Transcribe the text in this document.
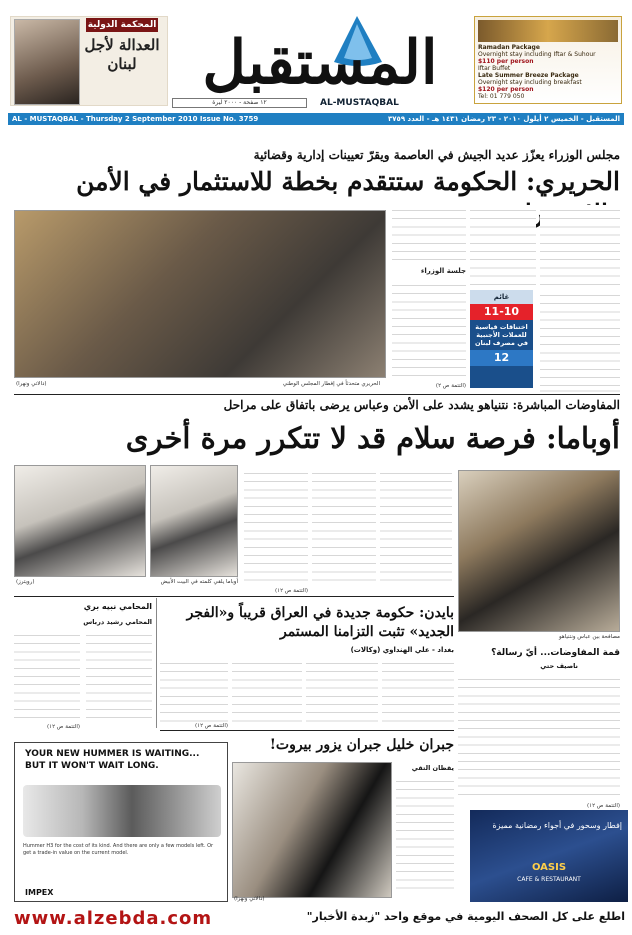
Ramadan Package

Overnight stay including Iftar & Suhour

$110 per person

Iftar Buffet

Late Summer Breeze Package

Overnight stay including breakfast

$120 per person

Tel: 01 779 050

المستقبل
AL-MUSTAQBAL
١٢ صفحة - ٢٠٠٠ ليرة
المحكمة الدولية
العدالة لأجل لبنان
AL - MUSTAQBAL - Thursday 2 September 2010 Issue No. 3759	المستقبل - الخميس ٢ أيلول ٢٠١٠ - ٢٣ رمضان ١٤٣١ هـ - العدد ٣٧٥٩
مجلس الوزراء يعزّز عديد الجيش في العاصمة ويقرّ تعيينات إدارية وقضائية
الحريري: الحكومة ستتقدم بخطة للاستثمار في الأمن
الحريري متحدثاً في إفطار المجلس الوطني
(دالاتي ونهرا)
جلسة الوزراء
(التتمة ص ٢)
غائم
11-10
اختناقات قياسية للعملات الأجنبية في مصرف لبنان
12
المفاوضات المباشرة: نتنياهو يشدد على الأمن وعباس يرضى باتفاق على مراحل
أوباما: فرصة سلام قد لا تتكرر مرة أخرى
أوباما يلقي كلمته في البيت الأبيض
(رويترز)
(التتمة ص ١٢)
مصافحة بين عباس ونتنياهو
بايدن: حكومة جديدة في العراق قريباً و«الفجر الجديد» تثبت التزامنا المستمر
بغداد - علي الهنداوي (وكالات)
(التتمة ص ١٢)
المحامي نبيه بري
المحامي رشيد درباس
(التتمة ص ١٢)
قمة المفاوضات... أيّ رسالة؟
ناصيف حتي
(التتمة ص ١٢)
جبران خليل جبران يزور بيروت!
(دالاتي ونهرا)
يقظان التقي
YOUR NEW HUMMER IS WAITING...
BUT IT WON'T WAIT LONG.
Hummer H3 for the cost of its kind. And there are only a few models left. Or get a trade-in value on the current model.
IMPEX
إفطار وسحور في أجواء رمضانية مميزة
OASIS
CAFE & RESTAURANT
اطلع على كل الصحف اليومية في موقع واحد "زبدة الأخبار"
www.alzebda.com
